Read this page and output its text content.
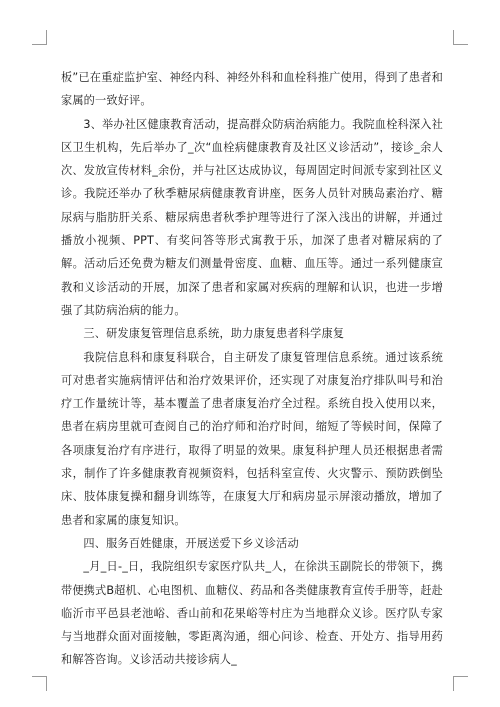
板”已在重症监护室、神经内科、神经外科和血栓科推广使用，得到了患者和家属的一致好评。

3、举办社区健康教育活动，提高群众防病治病能力。我院血栓科深入社区卫生机构，先后举办了_次“血栓病健康教育及社区义诊活动”，接诊_余人次、发放宣传材料_余份，并与社区达成协议，每周固定时间派专家到社区义诊。我院还举办了秋季糖尿病健康教育讲座，医务人员针对胰岛素治疗、糖尿病与脂肪肝关系、糖尿病患者秋季护理等进行了深入浅出的讲解，并通过播放小视频、PPT、有奖问答等形式寓教于乐，加深了患者对糖尿病的了解。活动后还免费为糖友们测量骨密度、血糖、血压等。通过一系列健康宣教和义诊活动的开展，加深了患者和家属对疾病的理解和认识，也进一步增强了其防病治病的能力。

三、研发康复管理信息系统，助力康复患者科学康复

我院信息科和康复科联合，自主研发了康复管理信息系统。通过该系统可对患者实施病情评估和治疗效果评价，还实现了对康复治疗排队叫号和治疗工作量统计等，基本覆盖了患者康复治疗全过程。系统自投入使用以来，患者在病房里就可查阅自己的治疗师和治疗时间，缩短了等候时间，保障了各项康复治疗有序进行，取得了明显的效果。康复科护理人员还根据患者需求，制作了许多健康教育视频资料，包括科室宣传、火灾警示、预防跌倒坠床、肢体康复操和翻身训练等，在康复大厅和病房显示屏滚动播放，增加了患者和家属的康复知识。

四、服务百姓健康，开展送爱下乡义诊活动

_月_日-_日，我院组织专家医疗队共_人，在徐洪玉副院长的带领下，携带便携式B超机、心电图机、血糖仪、药品和各类健康教育宣传手册等，赶赴临沂市平邑县老池峪、香山前和花果峪等村庄为当地群众义诊。医疗队专家与当地群众面对面接触，零距离沟通，细心问诊、检查、开处方、指导用药和解答咨询。义诊活动共接诊病人_
